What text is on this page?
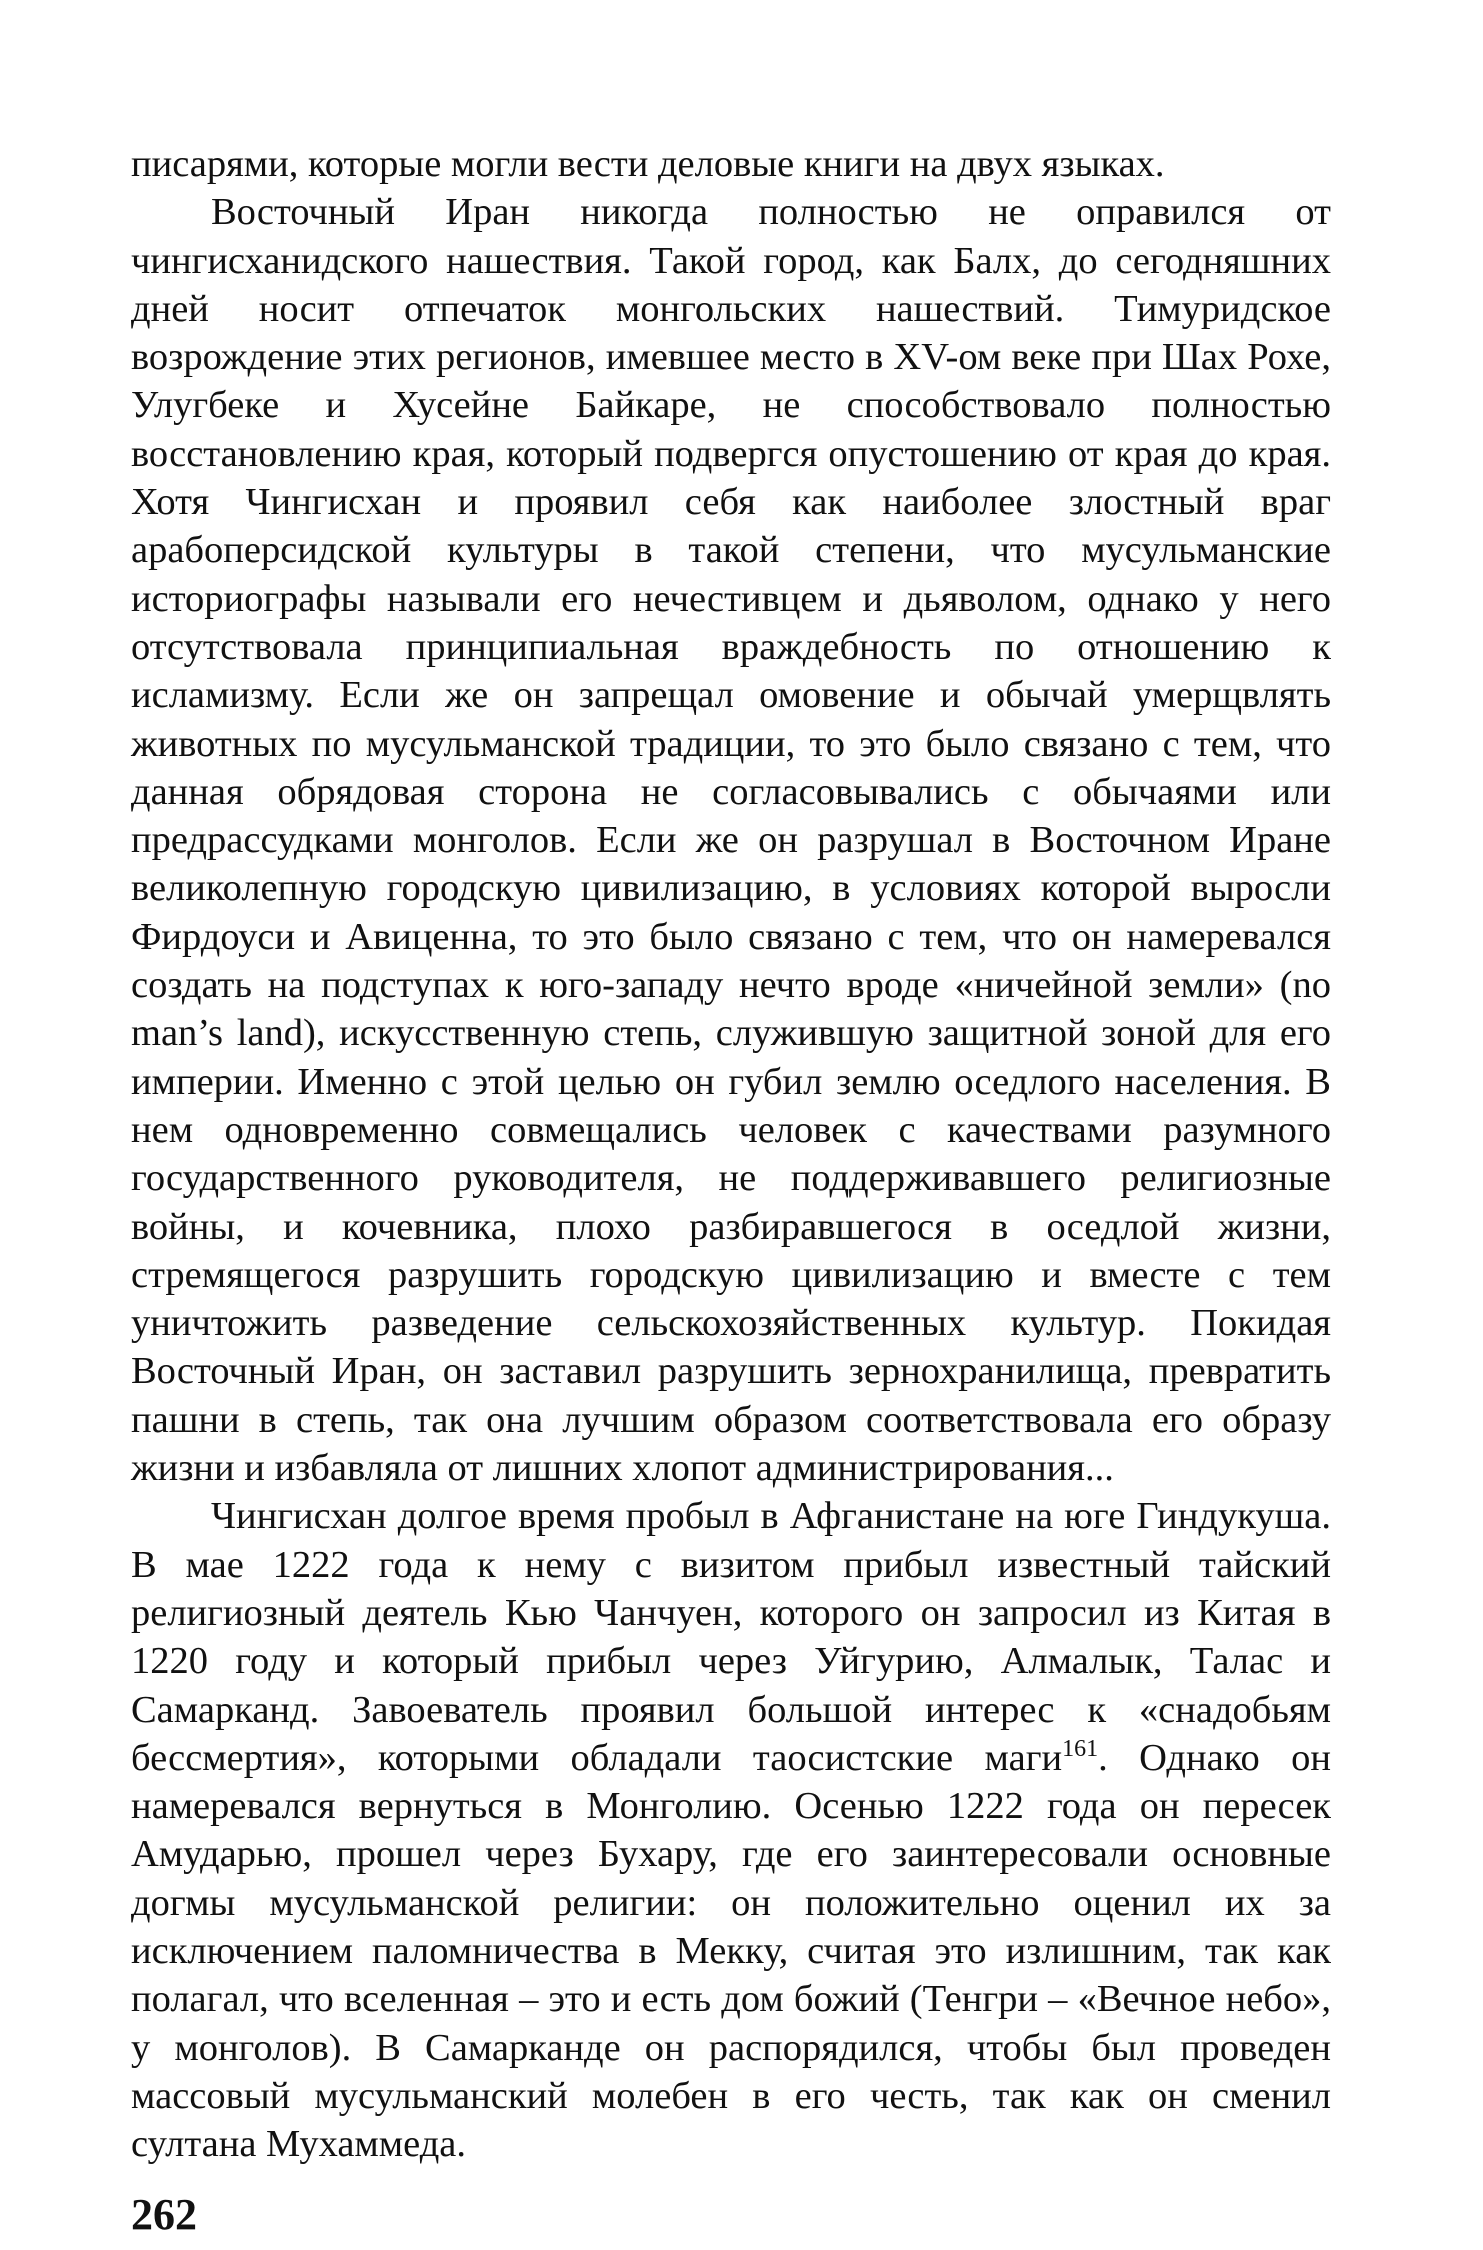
писарями, которые могли вести деловые книги на двух языках.

Восточный Иран никогда полностью не оправился от чингисханидского нашествия. Такой город, как Балх, до сегодняшних дней носит отпечаток монгольских нашествий. Тимуридское возрождение этих регионов, имевшее место в XV-ом веке при Шах Рохе, Улугбеке и Хусейне Байкаре, не способствовало полностью восстановлению края, который подвергся опустошению от края до края. Хотя Чингисхан и проявил себя как наиболее злостный враг арабоперсидской культуры в такой степени, что мусульманские историографы называли его нечестивцем и дьяволом, однако у него отсутствовала принципиальная враждебность по отношению к исламизму. Если же он запрещал омовение и обычай умерщвлять животных по мусульманской традиции, то это было связано с тем, что данная обрядовая сторона не согласовывались с обычаями или предрассудками монголов. Если же он разрушал в Восточном Иране великолепную городскую цивилизацию, в условиях которой выросли Фирдоуси и Авиценна, то это было связано с тем, что он намеревался создать на подступах к юго-западу нечто вроде «ничейной земли» (no man’s land), искусственную степь, служившую защитной зоной для его империи. Именно с этой целью он губил землю оседлого населения. В нем одновременно совмещались человек с качествами разумного государственного руководителя, не поддерживавшего религиозные войны, и кочевника, плохо разбиравшегося в оседлой жизни, стремящегося разрушить городскую цивилизацию и вместе с тем уничтожить разведение сельскохозяйственных культур. Покидая Восточный Иран, он заставил разрушить зернохранилища, превратить пашни в степь, так она лучшим образом соответствовала его образу жизни и избавляла от лишних хлопот администрирования...

Чингисхан долгое время пробыл в Афганистане на юге Гиндукуша. В мае 1222 года к нему с визитом прибыл известный тайский религиозный деятель Кью Чанчуен, которого он запросил из Китая в 1220 году и который прибыл через Уйгурию, Алмалык, Талас и Самарканд. Завоеватель проявил большой интерес к «снадобьям бессмертия», которыми обладали таосистские маги$^{161}$. Однако он намеревался вернуться в Монголию. Осенью 1222 года он пересек Амударью, прошел через Бухару, где его заинтересовали основные догмы мусульманской религии: он положительно оценил их за исключением паломничества в Мекку, считая это излишним, так как полагал, что вселенная – это и есть дом божий (Тенгри – «Вечное небо», у монголов). В Самарканде он распорядился, чтобы был проведен массовый мусульманский молебен в его честь, так как он сменил султана Мухаммеда.

262
